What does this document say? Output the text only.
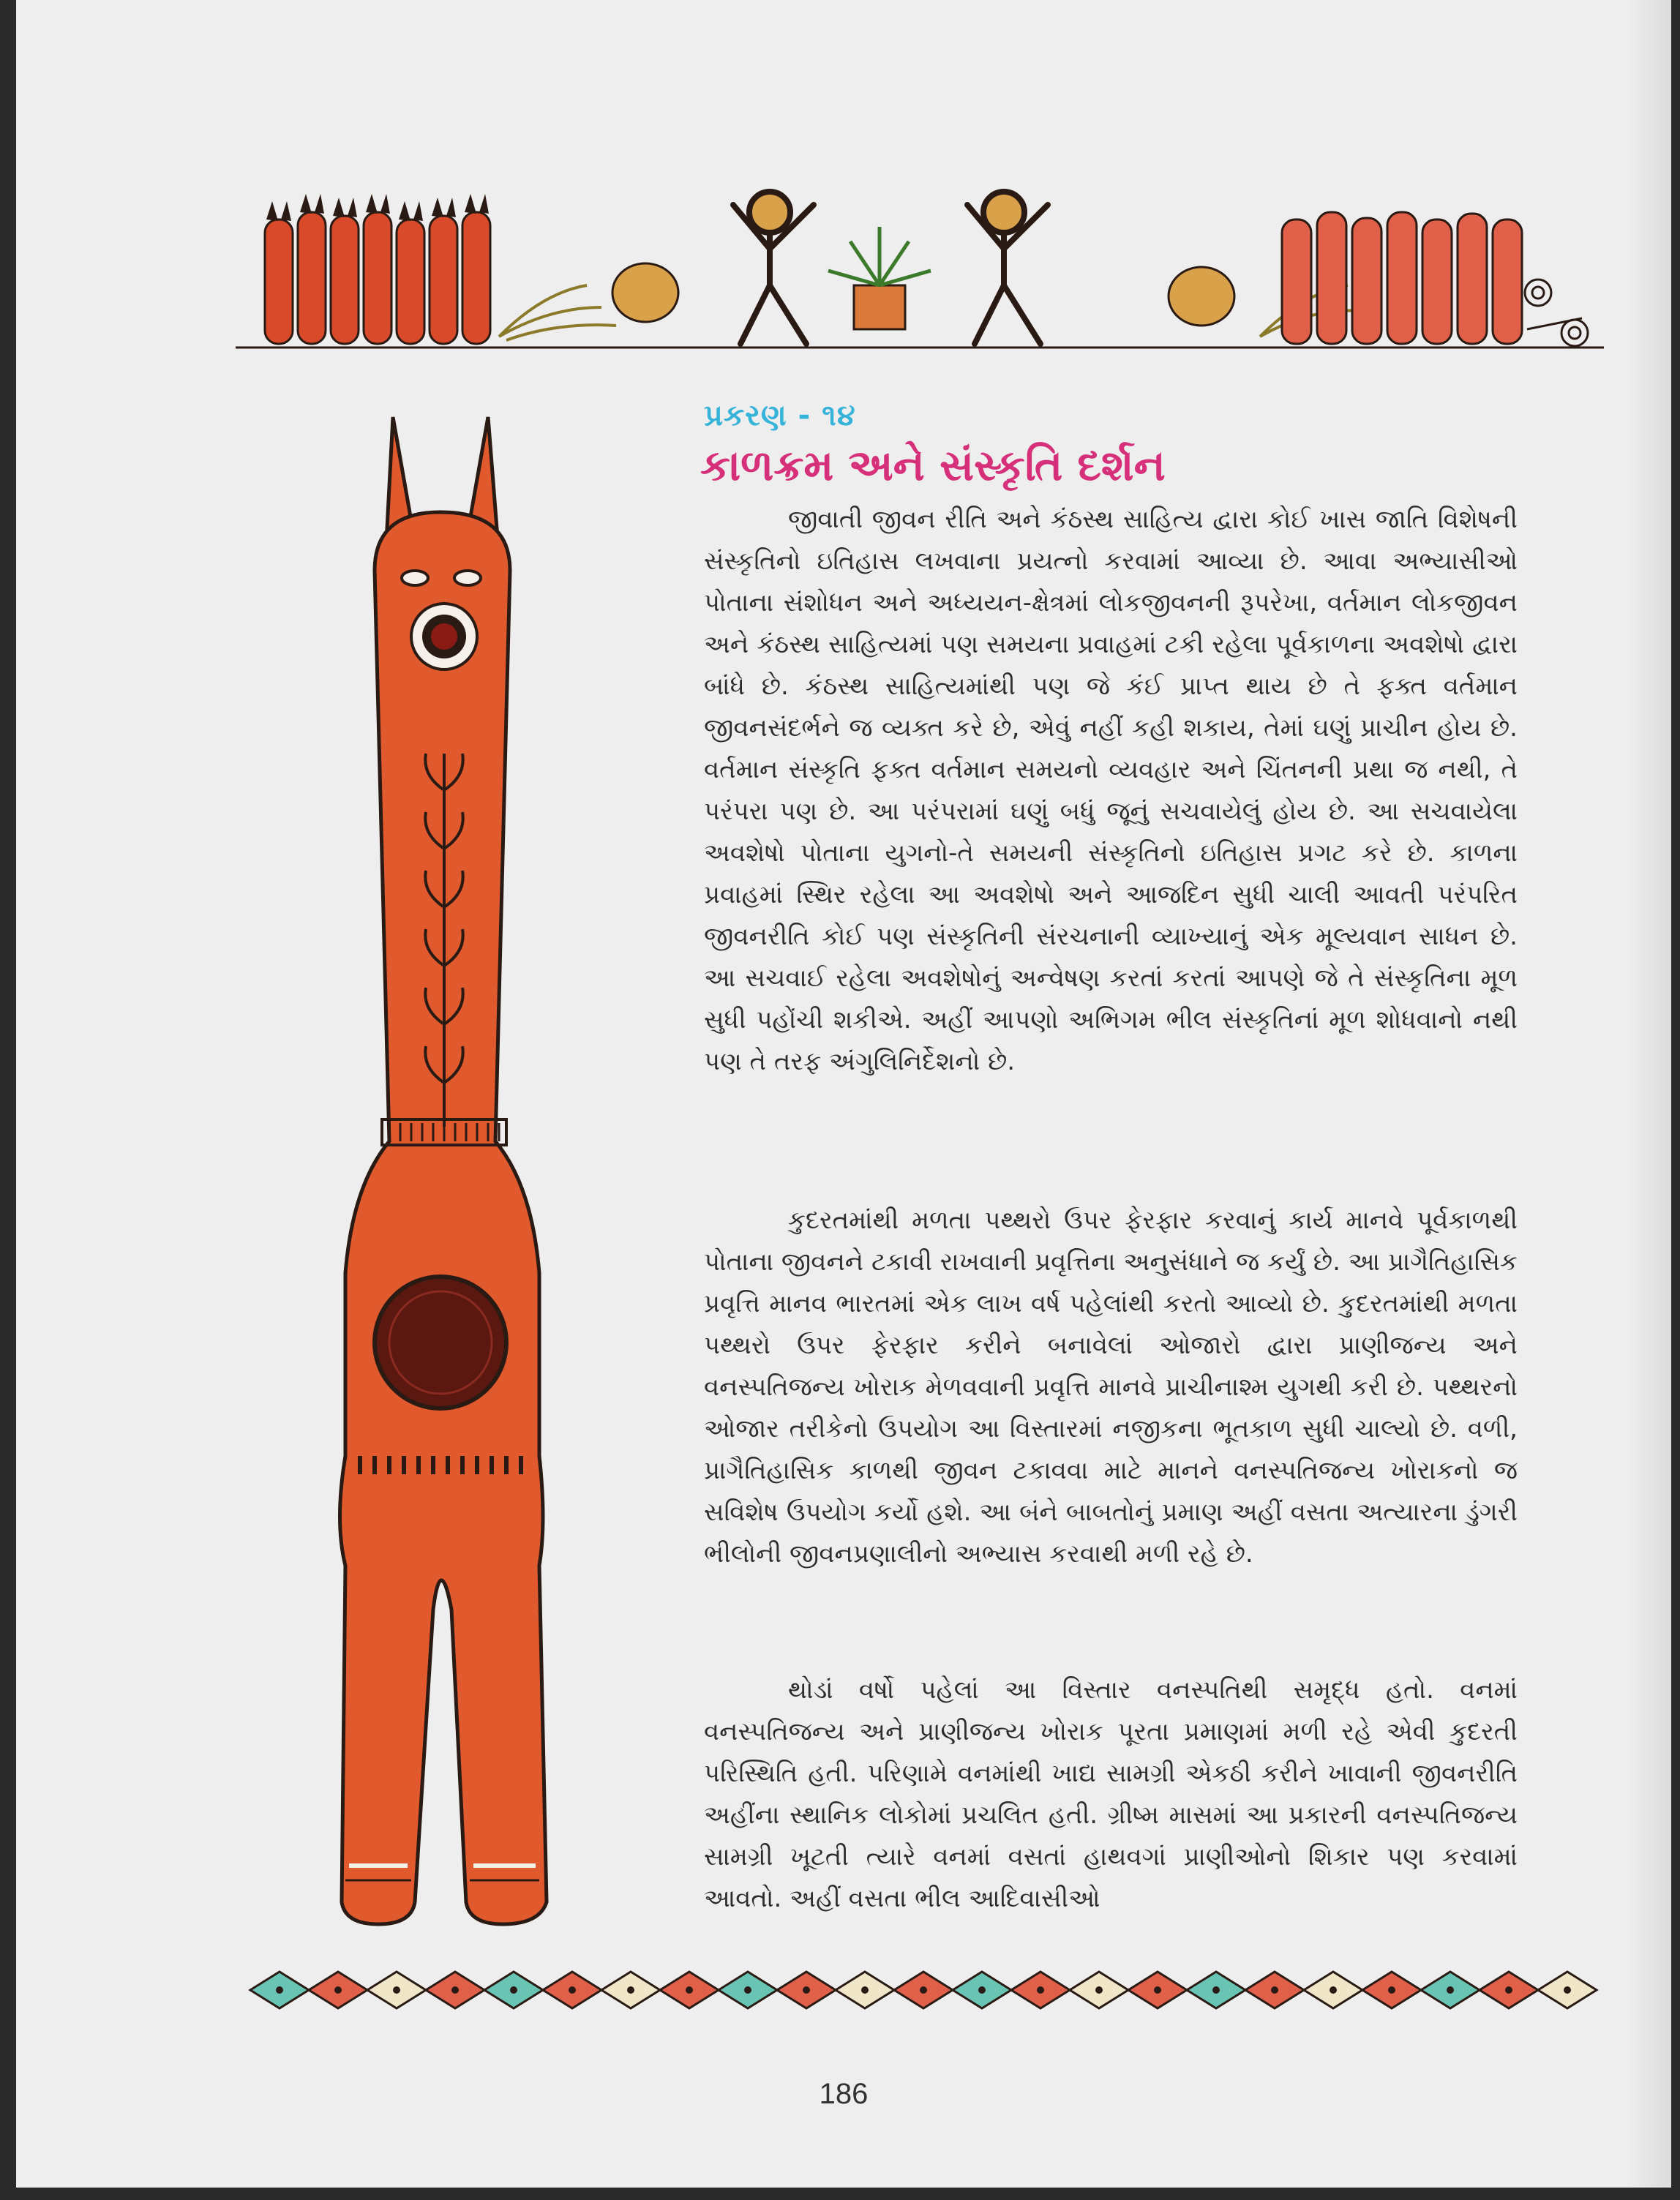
પ્રકરણ - ૧૪
કાળક્રમ અને સંસ્કૃતિ દર્શન

જીવાતી જીવન રીતિ અને કંઠસ્થ સાહિત્ય દ્વારા કોઈ ખાસ જાતિ વિશેષની સંસ્કૃતિનો ઇતિહાસ લખવાના પ્રયત્નો કરવામાં આવ્યા છે. આવા અભ્યાસીઓ પોતાના સંશોધન અને અધ્યયન-ક્ષેત્રમાં લોકજીવનની રૂપરેખા, વર્તમાન લોકજીવન અને કંઠસ્થ સાહિત્યમાં પણ સમયના પ્રવાહમાં ટકી રહેલા પૂર્વકાળના અવશેષો દ્વારા બાંધે છે. કંઠસ્થ સાહિત્યમાંથી પણ જે કંઈ પ્રાપ્ત થાય છે તે ફક્ત વર્તમાન જીવનસંદર્ભને જ વ્યક્ત કરે છે, એવું નહીં કહી શકાય, તેમાં ઘણું પ્રાચીન હોય છે. વર્તમાન સંસ્કૃતિ ફક્ત વર્તમાન સમયનો વ્યવહાર અને ચિંતનની પ્રથા જ નથી, તે પરંપરા પણ છે. આ પરંપરામાં ઘણું બધું જૂનું સચવાયેલું હોય છે. આ સચવાયેલા અવશેષો પોતાના યુગનો-તે સમયની સંસ્કૃતિનો ઇતિહાસ પ્રગટ કરે છે. કાળના પ્રવાહમાં સ્થિર રહેલા આ અવશેષો અને આજદિન સુધી ચાલી આવતી પરંપરિત જીવનરીતિ કોઈ પણ સંસ્કૃતિની સંરચનાની વ્યાખ્યાનું એક મૂલ્યવાન સાધન છે. આ સચવાઈ રહેલા અવશેષોનું અન્વેષણ કરતાં કરતાં આપણે જે તે સંસ્કૃતિના મૂળ સુધી પહોંચી શકીએ. અહીં આપણો અભિગમ ભીલ સંસ્કૃતિનાં મૂળ શોધવાનો નથી પણ તે તરફ અંગુલિનિર્દેશનો છે.

કુદરતમાંથી મળતા પથ્થરો ઉપર ફેરફાર કરવાનું કાર્ય માનવે પૂર્વકાળથી પોતાના જીવનને ટકાવી રાખવાની પ્રવૃત્તિના અનુસંધાને જ કર્યું છે. આ પ્રાગૈતિહાસિક પ્રવૃત્તિ માનવ ભારતમાં એક લાખ વર્ષ પહેલાંથી કરતો આવ્યો છે. કુદરતમાંથી મળતા પથ્થરો ઉપર ફેરફાર કરીને બનાવેલાં ઓજારો દ્વારા પ્રાણીજન્ય અને વનસ્પતિજન્ય ખોરાક મેળવવાની પ્રવૃત્તિ માનવે પ્રાચીનાશ્મ યુગથી કરી છે. પથ્થરનો ઓજાર તરીકેનો ઉપયોગ આ વિસ્તારમાં નજીકના ભૂતકાળ સુધી ચાલ્યો છે. વળી, પ્રાગૈતિહાસિક કાળથી જીવન ટકાવવા માટે માનને વનસ્પતિજન્ય ખોરાકનો જ સવિશેષ ઉપયોગ કર્યો હશે. આ બંને બાબતોનું પ્રમાણ અહીં વસતા અત્યારના ડુંગરી ભીલોની જીવનપ્રણાલીનો અભ્યાસ કરવાથી મળી રહે છે.

થોડાં વર્ષો પહેલાં આ વિસ્તાર વનસ્પતિથી સમૃદ્ધ હતો. વનમાં વનસ્પતિજન્ય અને પ્રાણીજન્ય ખોરાક પૂરતા પ્રમાણમાં મળી રહે એવી કુદરતી પરિસ્થિતિ હતી. પરિણામે વનમાંથી ખાદ્ય સામગ્રી એકઠી કરીને ખાવાની જીવનરીતિ અહીંના સ્થાનિક લોકોમાં પ્રચલિત હતી. ગ્રીષ્મ માસમાં આ પ્રકારની વનસ્પતિજન્ય સામગ્રી ખૂટતી ત્યારે વનમાં વસતાં હાથવગાં પ્રાણીઓનો શિકાર પણ કરવામાં આવતો. અહીં વસતા ભીલ આદિવાસીઓ

186
